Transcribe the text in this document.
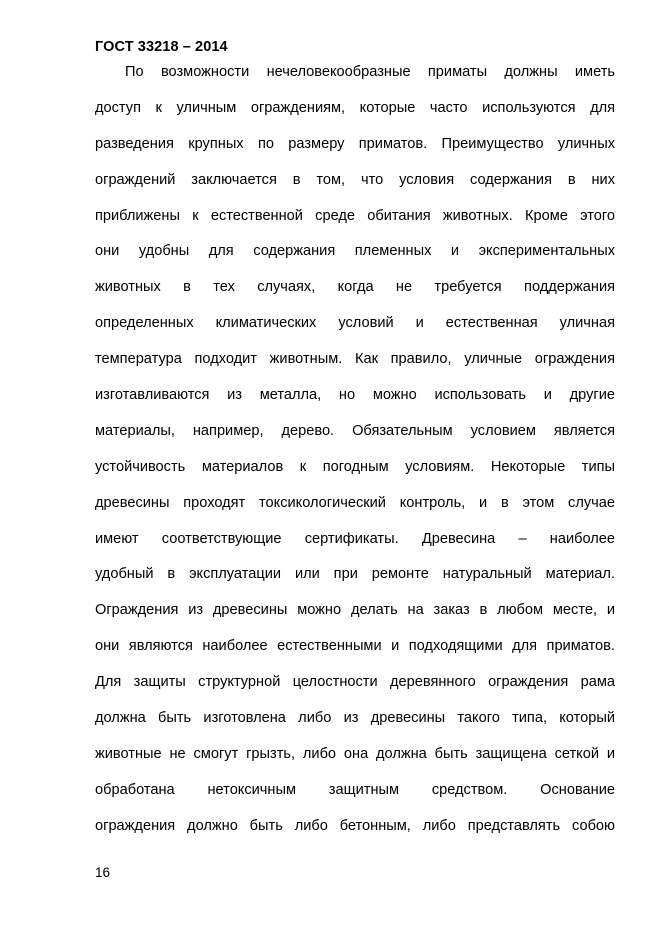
ГОСТ 33218 – 2014
По возможности нечеловекообразные приматы должны иметь
доступ к уличным ограждениям, которые часто используются для
разведения крупных по размеру приматов. Преимущество уличных
ограждений заключается в том, что условия содержания в них
приближены к естественной среде обитания животных. Кроме этого
они удобны для содержания племенных и экспериментальных
животных в тех случаях, когда не требуется поддержания
определенных климатических условий и естественная уличная
температура подходит животным. Как правило, уличные ограждения
изготавливаются из металла, но можно использовать и другие
материалы, например, дерево. Обязательным условием является
устойчивость материалов к погодным условиям. Некоторые типы
древесины проходят токсикологический контроль, и в этом случае
имеют соответствующие сертификаты. Древесина – наиболее
удобный в эксплуатации или при ремонте натуральный материал.
Ограждения из древесины можно делать на заказ в любом месте, и
они являются наиболее естественными и подходящими для приматов.
Для защиты структурной целостности деревянного ограждения рама
должна быть изготовлена либо из древесины такого типа, который
животные не смогут грызть, либо она должна быть защищена сеткой и
обработана нетоксичным защитным средством. Основание
ограждения должно быть либо бетонным, либо представлять собою
16
